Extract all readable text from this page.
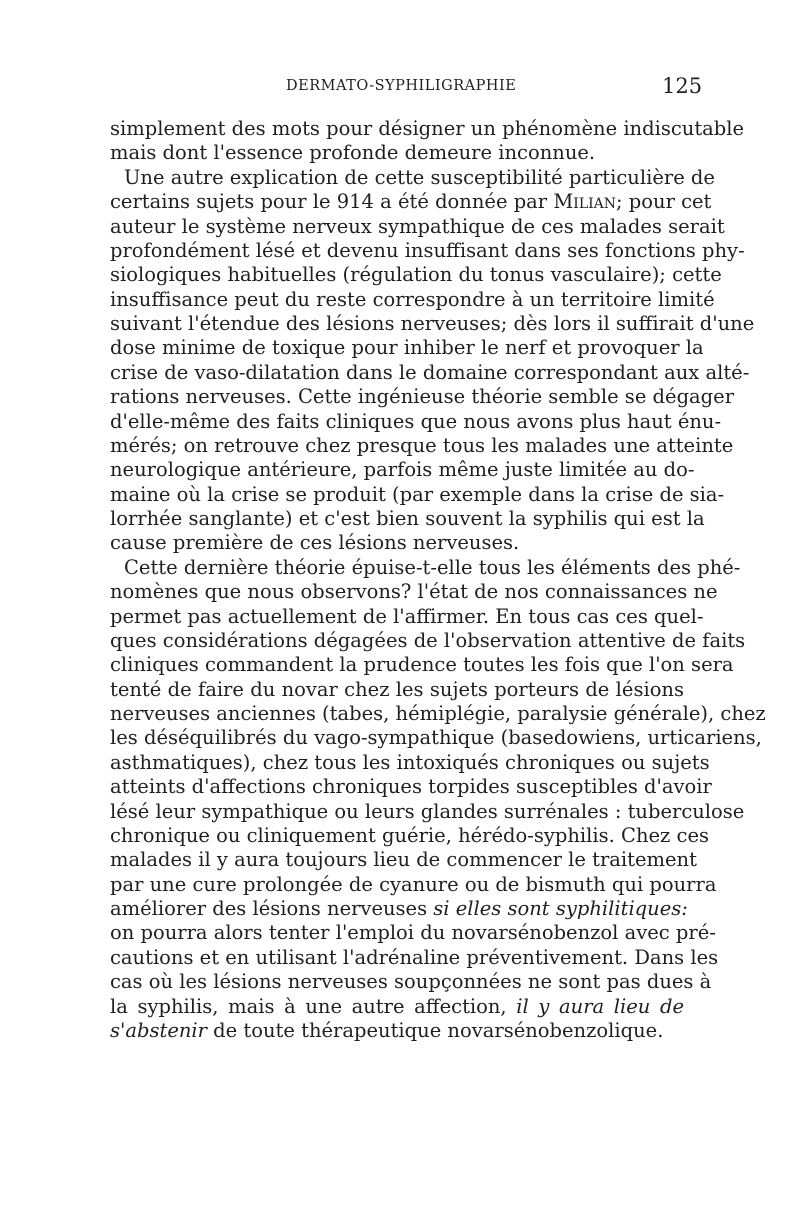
DERMATO-SYPHILIGRAPHIE	125
simplement des mots pour désigner un phénomène indiscutable
mais dont l'essence profonde demeure inconnue.
Une autre explication de cette susceptibilité particulière de
certains sujets pour le 914 a été donnée par Milian; pour cet
auteur le système nerveux sympathique de ces malades serait
profondément lésé et devenu insuffisant dans ses fonctions phy-
siologiques habituelles (régulation du tonus vasculaire); cette
insuffisance peut du reste correspondre à un territoire limité
suivant l'étendue des lésions nerveuses; dès lors il suffirait d'une
dose minime de toxique pour inhiber le nerf et provoquer la
crise de vaso-dilatation dans le domaine correspondant aux alté-
rations nerveuses. Cette ingénieuse théorie semble se dégager
d'elle-même des faits cliniques que nous avons plus haut énu-
mérés; on retrouve chez presque tous les malades une atteinte
neurologique antérieure, parfois même juste limitée au do-
maine où la crise se produit (par exemple dans la crise de sia-
lorrhée sanglante) et c'est bien souvent la syphilis qui est la
cause première de ces lésions nerveuses.
Cette dernière théorie épuise-t-elle tous les éléments des phé-
nomènes que nous observons? l'état de nos connaissances ne
permet pas actuellement de l'affirmer. En tous cas ces quel-
ques considérations dégagées de l'observation attentive de faits
cliniques commandent la prudence toutes les fois que l'on sera
tenté de faire du novar chez les sujets porteurs de lésions
nerveuses anciennes (tabes, hémiplégie, paralysie générale), chez
les déséquilibrés du vago-sympathique (basedowiens, urticariens,
asthmatiques), chez tous les intoxiqués chroniques ou sujets
atteints d'affections chroniques torpides susceptibles d'avoir
lésé leur sympathique ou leurs glandes surrénales : tuberculose
chronique ou cliniquement guérie, hérédo-syphilis. Chez ces
malades il y aura toujours lieu de commencer le traitement
par une cure prolongée de cyanure ou de bismuth qui pourra
améliorer des lésions nerveuses si elles sont syphilitiques:
on pourra alors tenter l'emploi du novarsénobenzol avec pré-
cautions et en utilisant l'adrénaline préventivement. Dans les
cas où les lésions nerveuses soupçonnées ne sont pas dues à
la syphilis, mais à une autre affection, il y aura lieu de
s'abstenir de toute thérapeutique novarsénobenzolique.
